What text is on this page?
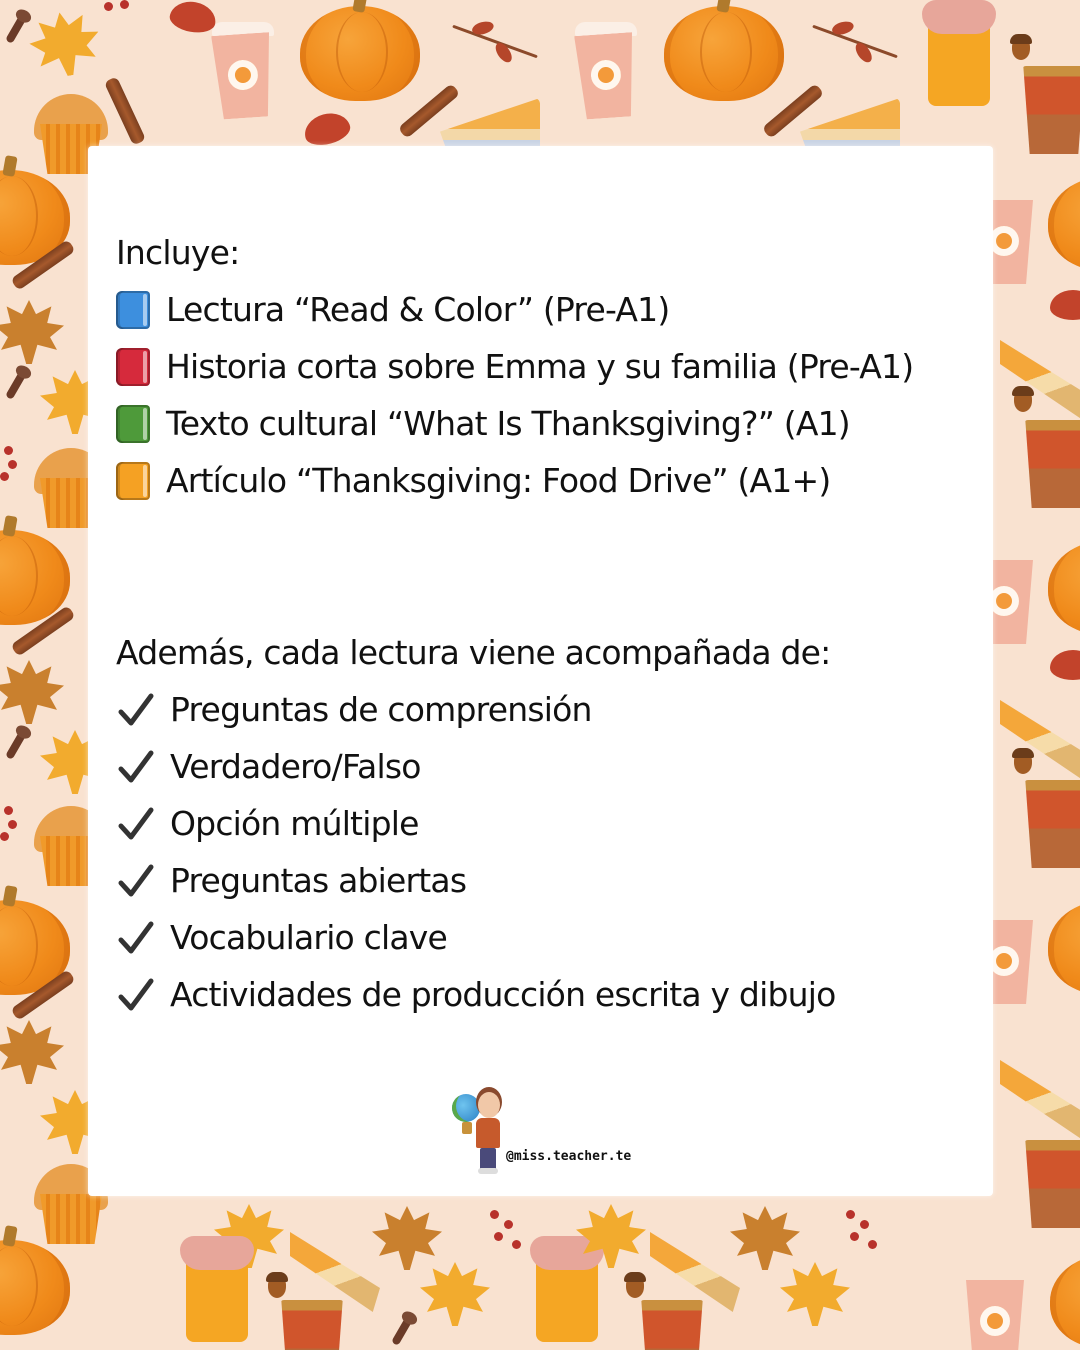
Incluye:
Lectura “Read & Color” (Pre-A1)
Historia corta sobre Emma y su familia (Pre-A1)
Texto cultural “What Is Thanksgiving?” (A1)
Artículo “Thanksgiving: Food Drive” (A1+)
Además, cada lectura viene acompañada de:
Preguntas de comprensión
Verdadero/Falso
Opción múltiple
Preguntas abiertas
Vocabulario clave
Actividades de producción escrita y dibujo
@miss.teacher.te
